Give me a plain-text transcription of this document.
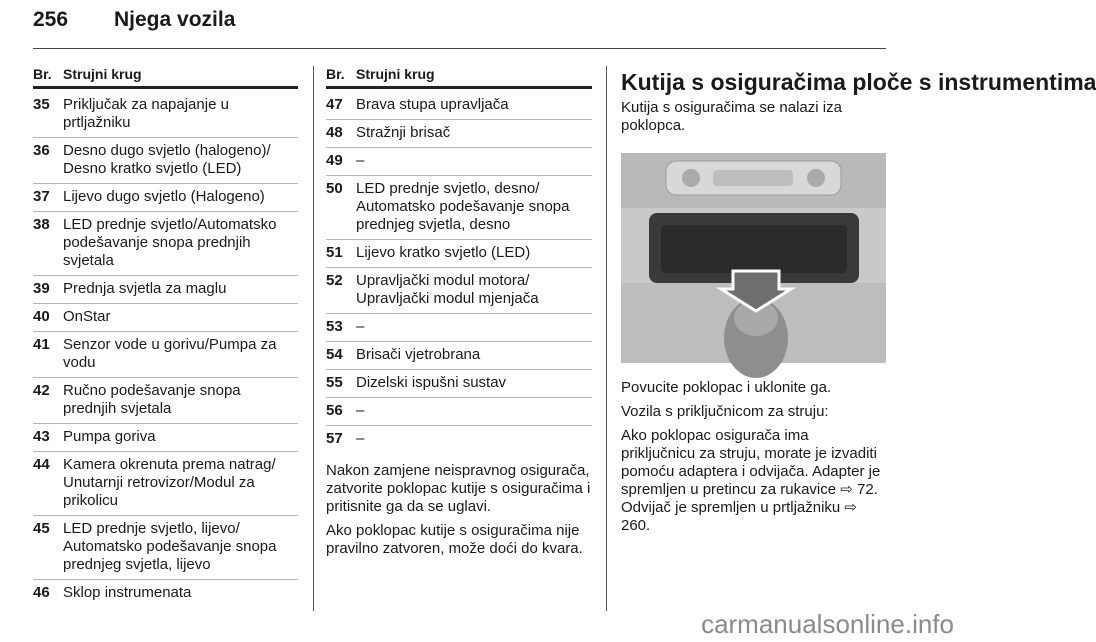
256 Njega vozila
Br. Strujni krug
35 Priključak za napajanje u prtljažniku
36 Desno dugo svjetlo (halogeno)/ Desno kratko svjetlo (LED)
37 Lijevo dugo svjetlo (Halogeno)
38 LED prednje svjetlo/Automatsko podešavanje snopa prednjih svjetala
39 Prednja svjetla za maglu
40 OnStar
41 Senzor vode u gorivu/Pumpa za vodu
42 Ručno podešavanje snopa prednjih svjetala
43 Pumpa goriva
44 Kamera okrenuta prema natrag/ Unutarnji retrovizor/Modul za prikolicu
45 LED prednje svjetlo, lijevo/ Automatsko podešavanje snopa prednjeg svjetla, lijevo
46 Sklop instrumenata
Br. Strujni krug
47 Brava stupa upravljača
48 Stražnji brisač
49 –
50 LED prednje svjetlo, desno/ Automatsko podešavanje snopa prednjeg svjetla, desno
51 Lijevo kratko svjetlo (LED)
52 Upravljački modul motora/ Upravljački modul mjenjača
53 –
54 Brisači vjetrobrana
55 Dizelski ispušni sustav
56 –
57 –

Nakon zamjene neispravnog osigurača, zatvorite poklopac kutije s osiguračima i pritisnite ga da se uglavi.

Ako poklopac kutije s osiguračima nije pravilno zatvoren, može doći do kvara.

Kutija s osiguračima ploče s instrumentima

Kutija s osiguračima se nalazi iza poklopca.

Povucite poklopac i uklonite ga.

Vozila s priključnicom za struju:

Ako poklopac osigurača ima priključnicu za struju, morate je izvaditi pomoću adaptera i odvijača. Adapter je spremljen u pretincu za rukavice ⇨ 72. Odvijač je spremljen u prtljažniku ⇨ 260.

carmanualsonline.info
